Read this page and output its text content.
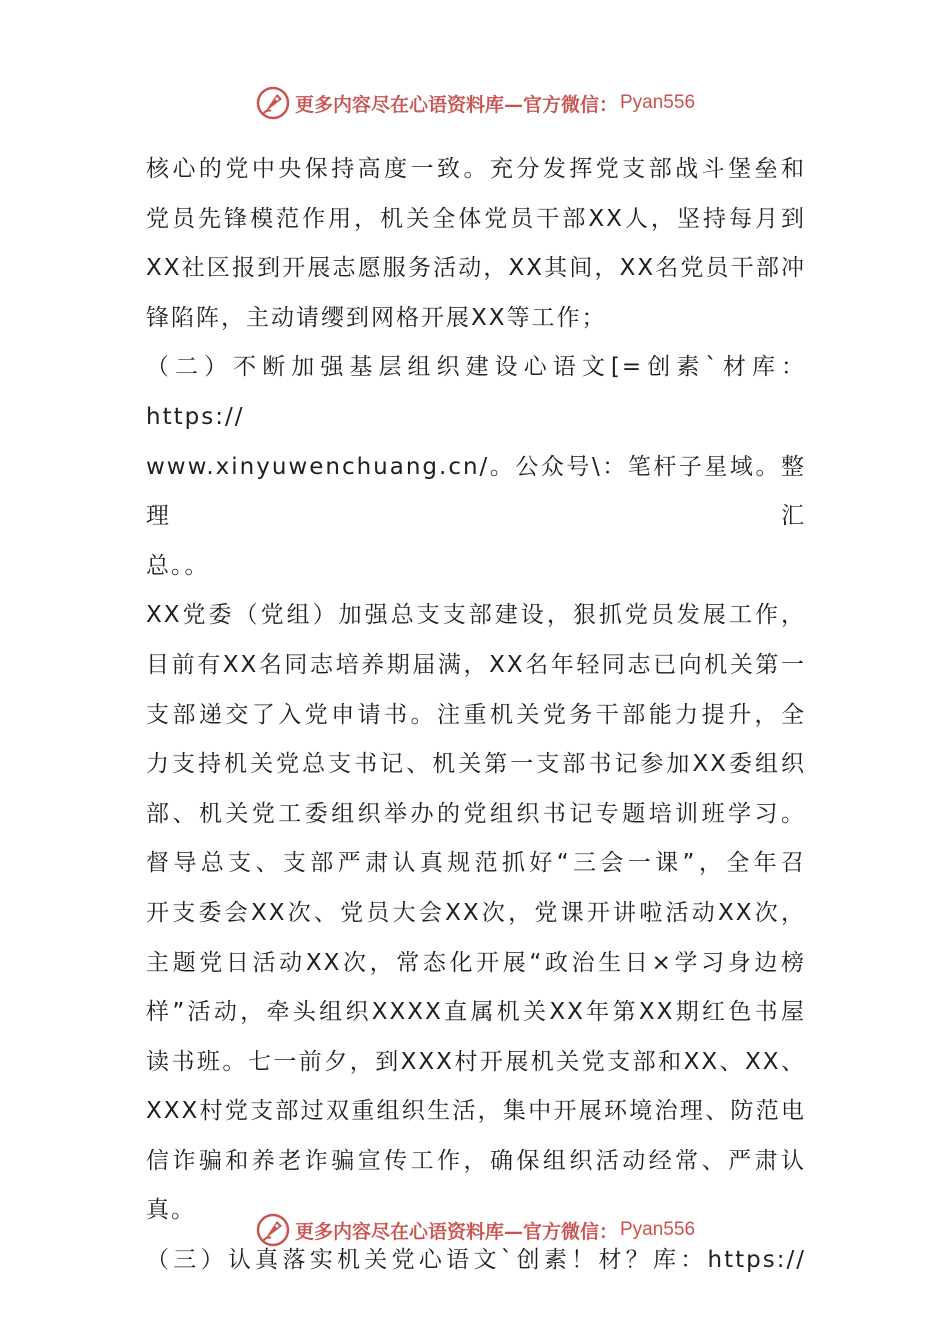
更多内容尽在心语资料库—官方微信： Pyan556

核心的党中央保持高度一致。充分发挥党支部战斗堡垒和

党员先锋模范作用，机关全体党员干部XX人，坚持每月到

XX社区报到开展志愿服务活动，XX其间，XX名党员干部冲

锋陷阵，主动请缨到网格开展XX等工作；

（二）不断加强基层组织建设心语文[=创素`材库：https://

www.xinyuwenchuang.cn/。公众号\：笔杆子星域。整理汇

总。。

XX党委（党组）加强总支支部建设，狠抓党员发展工作，

目前有XX名同志培养期届满，XX名年轻同志已向机关第一

支部递交了入党申请书。注重机关党务干部能力提升，全

力支持机关党总支书记、机关第一支部书记参加XX委组织

部、机关党工委组织举办的党组织书记专题培训班学习。

督导总支、支部严肃认真规范抓好“三会一课”，全年召

开支委会XX次、党员大会XX次，党课开讲啦活动XX次，

主题党日活动XX次，常态化开展“政治生日×学习身边榜

样”活动，牵头组织XXXX直属机关XX年第XX期红色书屋

读书班。七一前夕，到XXX村开展机关党支部和XX、XX、

XXX村党支部过双重组织生活，集中开展环境治理、防范电

信诈骗和养老诈骗宣传工作，确保组织活动经常、严肃认

真。

（三）认真落实机关党心语文`创素！材？库：https://

更多内容尽在心语资料库—官方微信： Pyan556
